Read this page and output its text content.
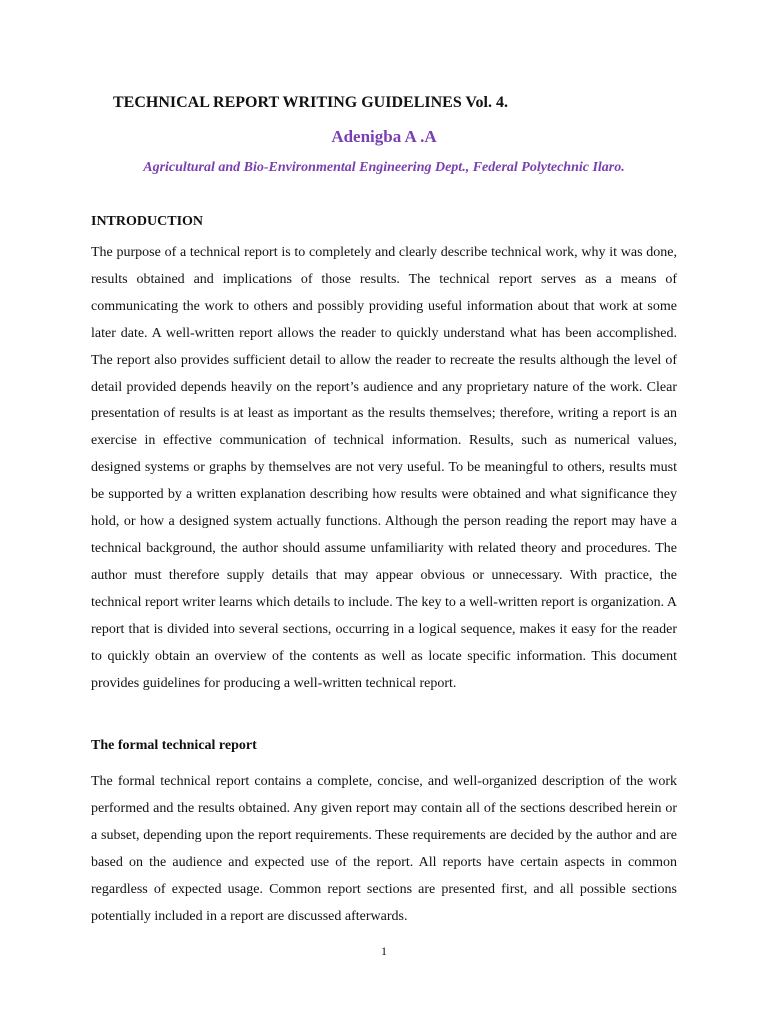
TECHNICAL REPORT WRITING GUIDELINES Vol. 4.
Adenigba A .A
Agricultural and Bio-Environmental Engineering Dept., Federal Polytechnic Ilaro.
INTRODUCTION
The purpose of a technical report is to completely and clearly describe technical work, why it was done, results obtained and implications of those results. The technical report serves as a means of communicating the work to others and possibly providing useful information about that work at some later date. A well-written report allows the reader to quickly understand what has been accomplished. The report also provides sufficient detail to allow the reader to recreate the results although the level of detail provided depends heavily on the report’s audience and any proprietary nature of the work. Clear presentation of results is at least as important as the results themselves; therefore, writing a report is an exercise in effective communication of technical information. Results, such as numerical values, designed systems or graphs by themselves are not very useful. To be meaningful to others, results must be supported by a written explanation describing how results were obtained and what significance they hold, or how a designed system actually functions. Although the person reading the report may have a technical background, the author should assume unfamiliarity with related theory and procedures. The author must therefore supply details that may appear obvious or unnecessary. With practice, the technical report writer learns which details to include. The key to a well-written report is organization. A report that is divided into several sections, occurring in a logical sequence, makes it easy for the reader to quickly obtain an overview of the contents as well as locate specific information. This document provides guidelines for producing a well-written technical report.
The formal technical report
The formal technical report contains a complete, concise, and well-organized description of the work performed and the results obtained. Any given report may contain all of the sections described herein or a subset, depending upon the report requirements. These requirements are decided by the author and are based on the audience and expected use of the report. All reports have certain aspects in common regardless of expected usage. Common report sections are presented first, and all possible sections potentially included in a report are discussed afterwards.
1
